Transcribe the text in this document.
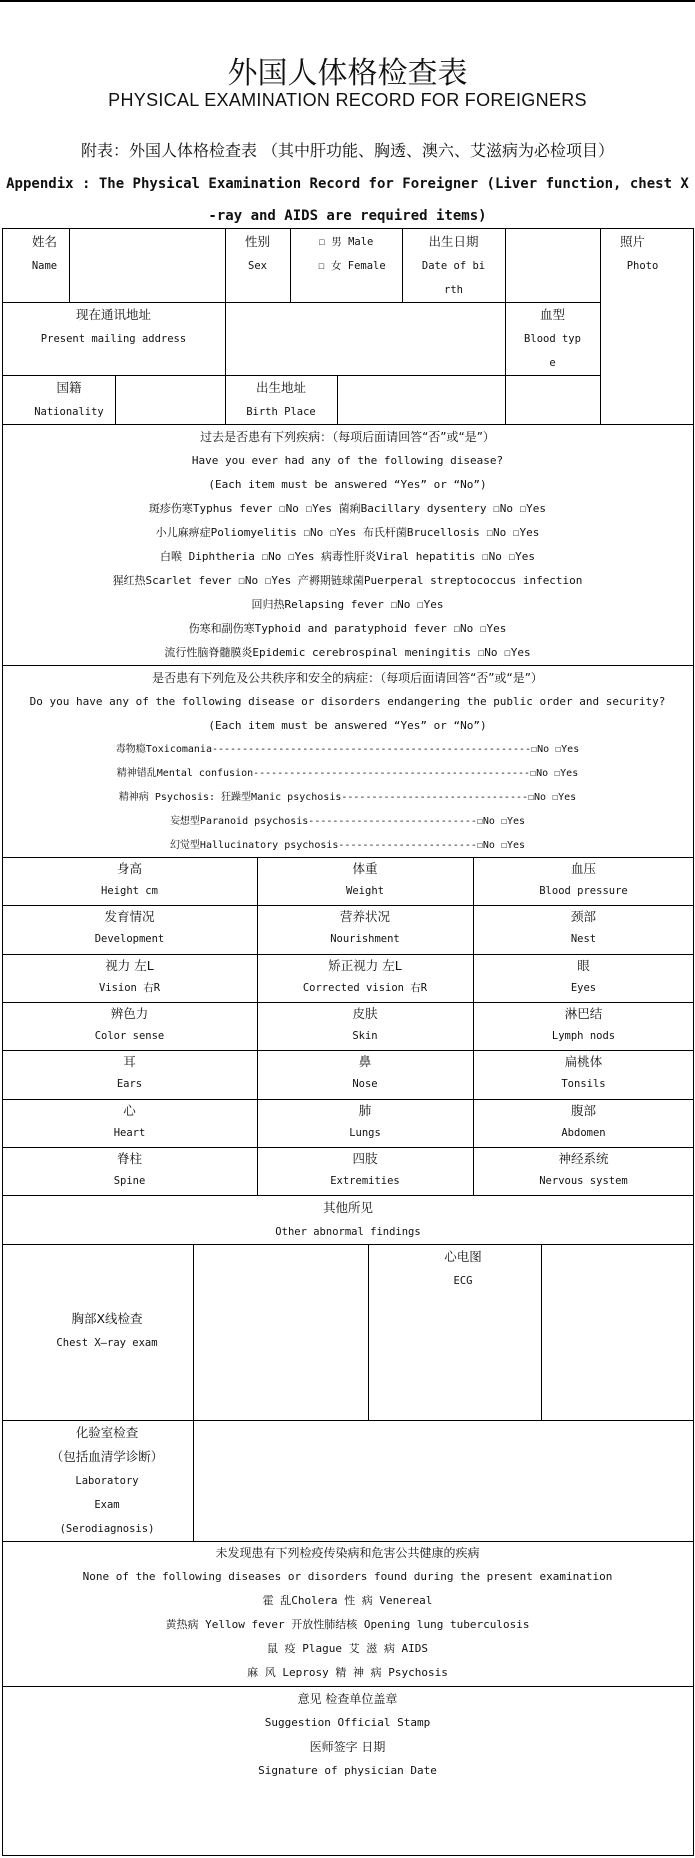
外国人体格检查表
PHYSICAL EXAMINATION RECORD FOR FOREIGNERS
附表：外国人体格检查表 （其中肝功能、胸透、澳六、艾滋病为必检项目）
Appendix : The Physical Examination Record for Foreigner (Liver function, chest X
-ray and AIDS are required items)
姓名
Name
性别
Sex
☐ 男 Male
☐ 女 Female
出生日期
Date of bi
rth
照片
Photo
现在通讯地址
Present mailing address
血型
Blood typ
e
国籍
Nationality
出生地址
Birth Place
过去是否患有下列疾病：（每项后面请回答“否”或“是”）
Have you ever had any of the following disease?
(Each item must be answered “Yes” or “No”)
斑疹伤寒Typhus fever ☐No ☐Yes 菌痢Bacillary dysentery ☐No ☐Yes
小儿麻痹症Poliomyelitis ☐No ☐Yes 布氏杆菌Brucellosis ☐No ☐Yes
白喉 Diphtheria ☐No ☐Yes 病毒性肝炎Viral hepatitis ☐No ☐Yes
猩红热Scarlet fever ☐No ☐Yes 产褥期链球菌Puerperal streptococcus infection
回归热Relapsing fever ☐No ☐Yes
伤寒和副伤寒Typhoid and paratyphoid fever ☐No ☐Yes
流行性脑脊髓膜炎Epidemic cerebrospinal meningitis ☐No ☐Yes
是否患有下列危及公共秩序和安全的病症：（每项后面请回答“否”或“是”）
Do you have any of the following disease or disorders endangering the public order and security?
(Each item must be answered “Yes” or “No”)
毒物瘾Toxicomania-----------------------------------------------------☐No ☐Yes
精神错乱Mental confusion----------------------------------------------☐No ☐Yes
精神病 Psychosis: 狂躁型Manic psychosis-------------------------------☐No ☐Yes
妄想型Paranoid psychosis----------------------------☐No ☐Yes
幻觉型Hallucinatory psychosis-----------------------☐No ☐Yes
身高
Height cm
体重
Weight
血压
Blood pressure
发育情况
Development
营养状况
Nourishment
颈部
Nest
视力 左L
Vision 右R
矫正视力 左L
Corrected vision 右R
眼
Eyes
辨色力
Color sense
皮肤
Skin
淋巴结
Lymph nods
耳
Ears
鼻
Nose
扁桃体
Tonsils
心
Heart
肺
Lungs
腹部
Abdomen
脊柱
Spine
四肢
Extremities
神经系统
Nervous system
其他所见
Other abnormal findings
胸部X线检查
Chest X—ray exam
心电图
ECG
化验室检查
（包括血清学诊断）
Laboratory
Exam
(Serodiagnosis)
未发现患有下列检疫传染病和危害公共健康的疾病
None of the following diseases or disorders found during the present examination
霍 乱Cholera 性 病 Venereal
黄热病 Yellow fever 开放性肺结核 Opening lung tuberculosis
鼠 疫 Plague 艾 滋 病 AIDS
麻 风 Leprosy 精 神 病 Psychosis
意见 检查单位盖章
Suggestion Official Stamp
医师签字 日期
Signature of physician Date
